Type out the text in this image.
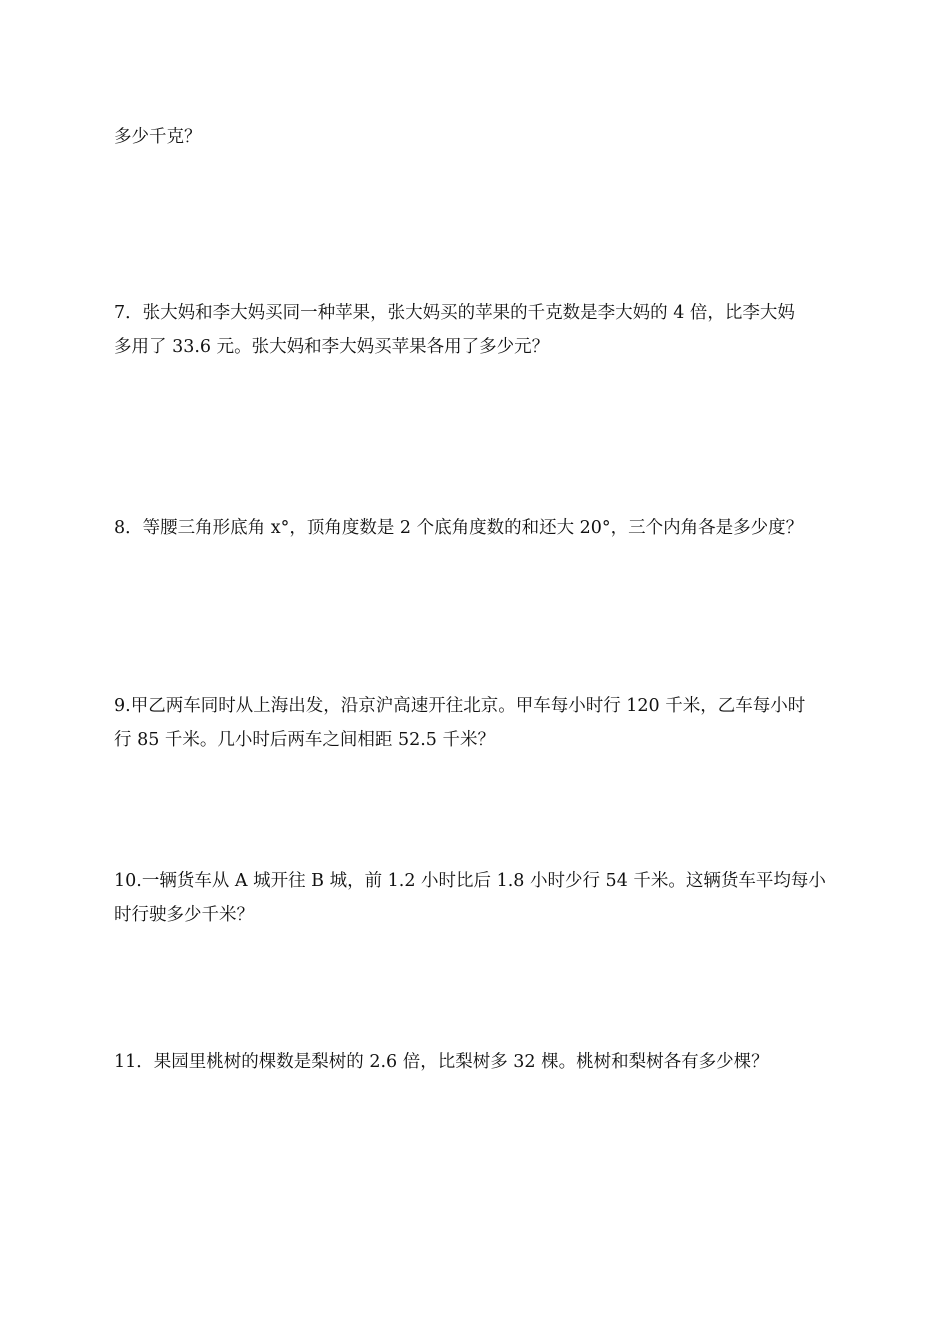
多少千克？

7．张大妈和李大妈买同一种苹果，张大妈买的苹果的千克数是李大妈的 4 倍，比李大妈
多用了 33.6 元。张大妈和李大妈买苹果各用了多少元？

8．等腰三角形底角 x°，顶角度数是 2 个底角度数的和还大 20°，三个内角各是多少度？

9.甲乙两车同时从上海出发，沿京沪高速开往北京。甲车每小时行 120 千米，乙车每小时
行 85 千米。几小时后两车之间相距 52.5 千米？

10.一辆货车从 A 城开往 B 城，前 1.2 小时比后 1.8 小时少行 54 千米。这辆货车平均每小
时行驶多少千米？

11．果园里桃树的棵数是梨树的 2.6 倍，比梨树多 32 棵。桃树和梨树各有多少棵？
